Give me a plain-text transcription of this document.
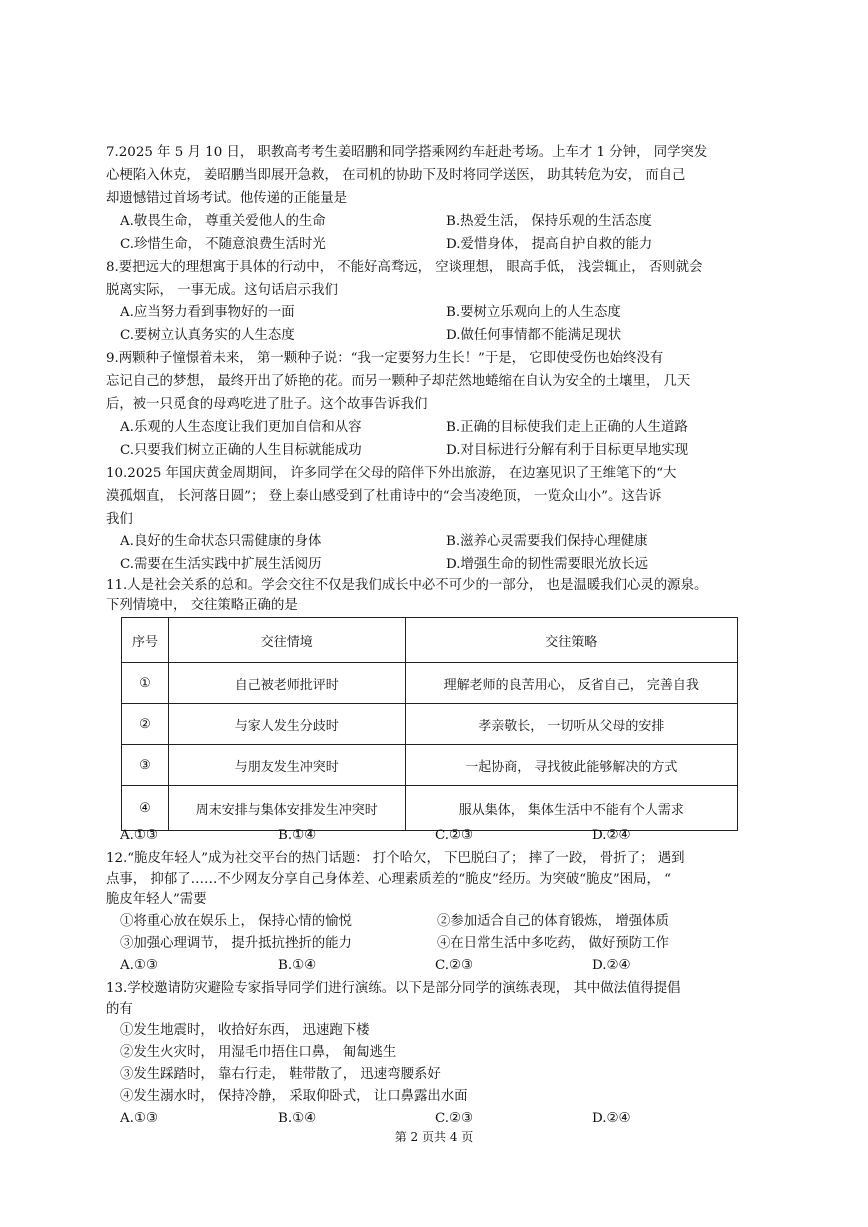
7.2025 年 5 月 10 日， 职教高考考生姜昭鹏和同学搭乘网约车赶赴考场。上车才 1 分钟， 同学突发
心梗陷入休克， 姜昭鹏当即展开急救， 在司机的协助下及时将同学送医， 助其转危为安， 而自己
却遗憾错过首场考试。他传递的正能量是
A.敬畏生命， 尊重关爱他人的生命	B.热爱生活， 保持乐观的生活态度
C.珍惜生命， 不随意浪费生活时光	D.爱惜身体， 提高自护自救的能力
8.要把远大的理想寓于具体的行动中， 不能好高骛远， 空谈理想， 眼高手低， 浅尝辄止， 否则就会
脱离实际， 一事无成。这句话启示我们
A.应当努力看到事物好的一面	B.要树立乐观向上的人生态度
C.要树立认真务实的人生态度	D.做任何事情都不能满足现状
9.两颗种子憧憬着未来， 第一颗种子说：“我一定要努力生长！”于是， 它即使受伤也始终没有
忘记自己的梦想， 最终开出了娇艳的花。而另一颗种子却茫然地蜷缩在自认为安全的土壤里， 几天
后，被一只觅食的母鸡吃进了肚子。这个故事告诉我们
A.乐观的人生态度让我们更加自信和从容	B.正确的目标使我们走上正确的人生道路
C.只要我们树立正确的人生目标就能成功	D.对目标进行分解有利于目标更早地实现
10.2025 年国庆黄金周期间， 许多同学在父母的陪伴下外出旅游， 在边塞见识了王维笔下的“大
漠孤烟直， 长河落日圆”； 登上泰山感受到了杜甫诗中的“会当凌绝顶， 一览众山小”。这告诉
我们
A.良好的生命状态只需健康的身体	B.滋养心灵需要我们保持心理健康
C.需要在生活实践中扩展生活阅历	D.增强生命的韧性需要眼光放长远
11.人是社会关系的总和。学会交往不仅是我们成长中必不可少的一部分， 也是温暖我们心灵的源泉。
下列情境中， 交往策略正确的是
序号	交往情境	交往策略
①	自己被老师批评时	理解老师的良苦用心， 反省自己， 完善自我
②	与家人发生分歧时	孝亲敬长， 一切听从父母的安排
③	与朋友发生冲突时	一起协商， 寻找彼此能够解决的方式
④	周末安排与集体安排发生冲突时	服从集体， 集体生活中不能有个人需求
A.①③	B.①④	C.②③	D.②④
12.“脆皮年轻人”成为社交平台的热门话题： 打个哈欠， 下巴脱臼了； 摔了一跤， 骨折了； 遇到
点事， 抑郁了……不少网友分享自己身体差、心理素质差的“脆皮”经历。为突破“脆皮”困局， “
脆皮年轻人”需要
①将重心放在娱乐上， 保持心情的愉悦	②参加适合自己的体育锻炼， 增强体质
③加强心理调节， 提升抵抗挫折的能力	④在日常生活中多吃药， 做好预防工作
A.①③	B.①④	C.②③	D.②④
13.学校邀请防灾避险专家指导同学们进行演练。以下是部分同学的演练表现， 其中做法值得提倡
的有
①发生地震时， 收拾好东西， 迅速跑下楼
②发生火灾时， 用湿毛巾捂住口鼻， 匍匐逃生
③发生踩踏时， 靠右行走， 鞋带散了， 迅速弯腰系好
④发生溺水时， 保持冷静， 采取仰卧式， 让口鼻露出水面
A.①③	B.①④	C.②③	D.②④
第 2 页共 4 页
